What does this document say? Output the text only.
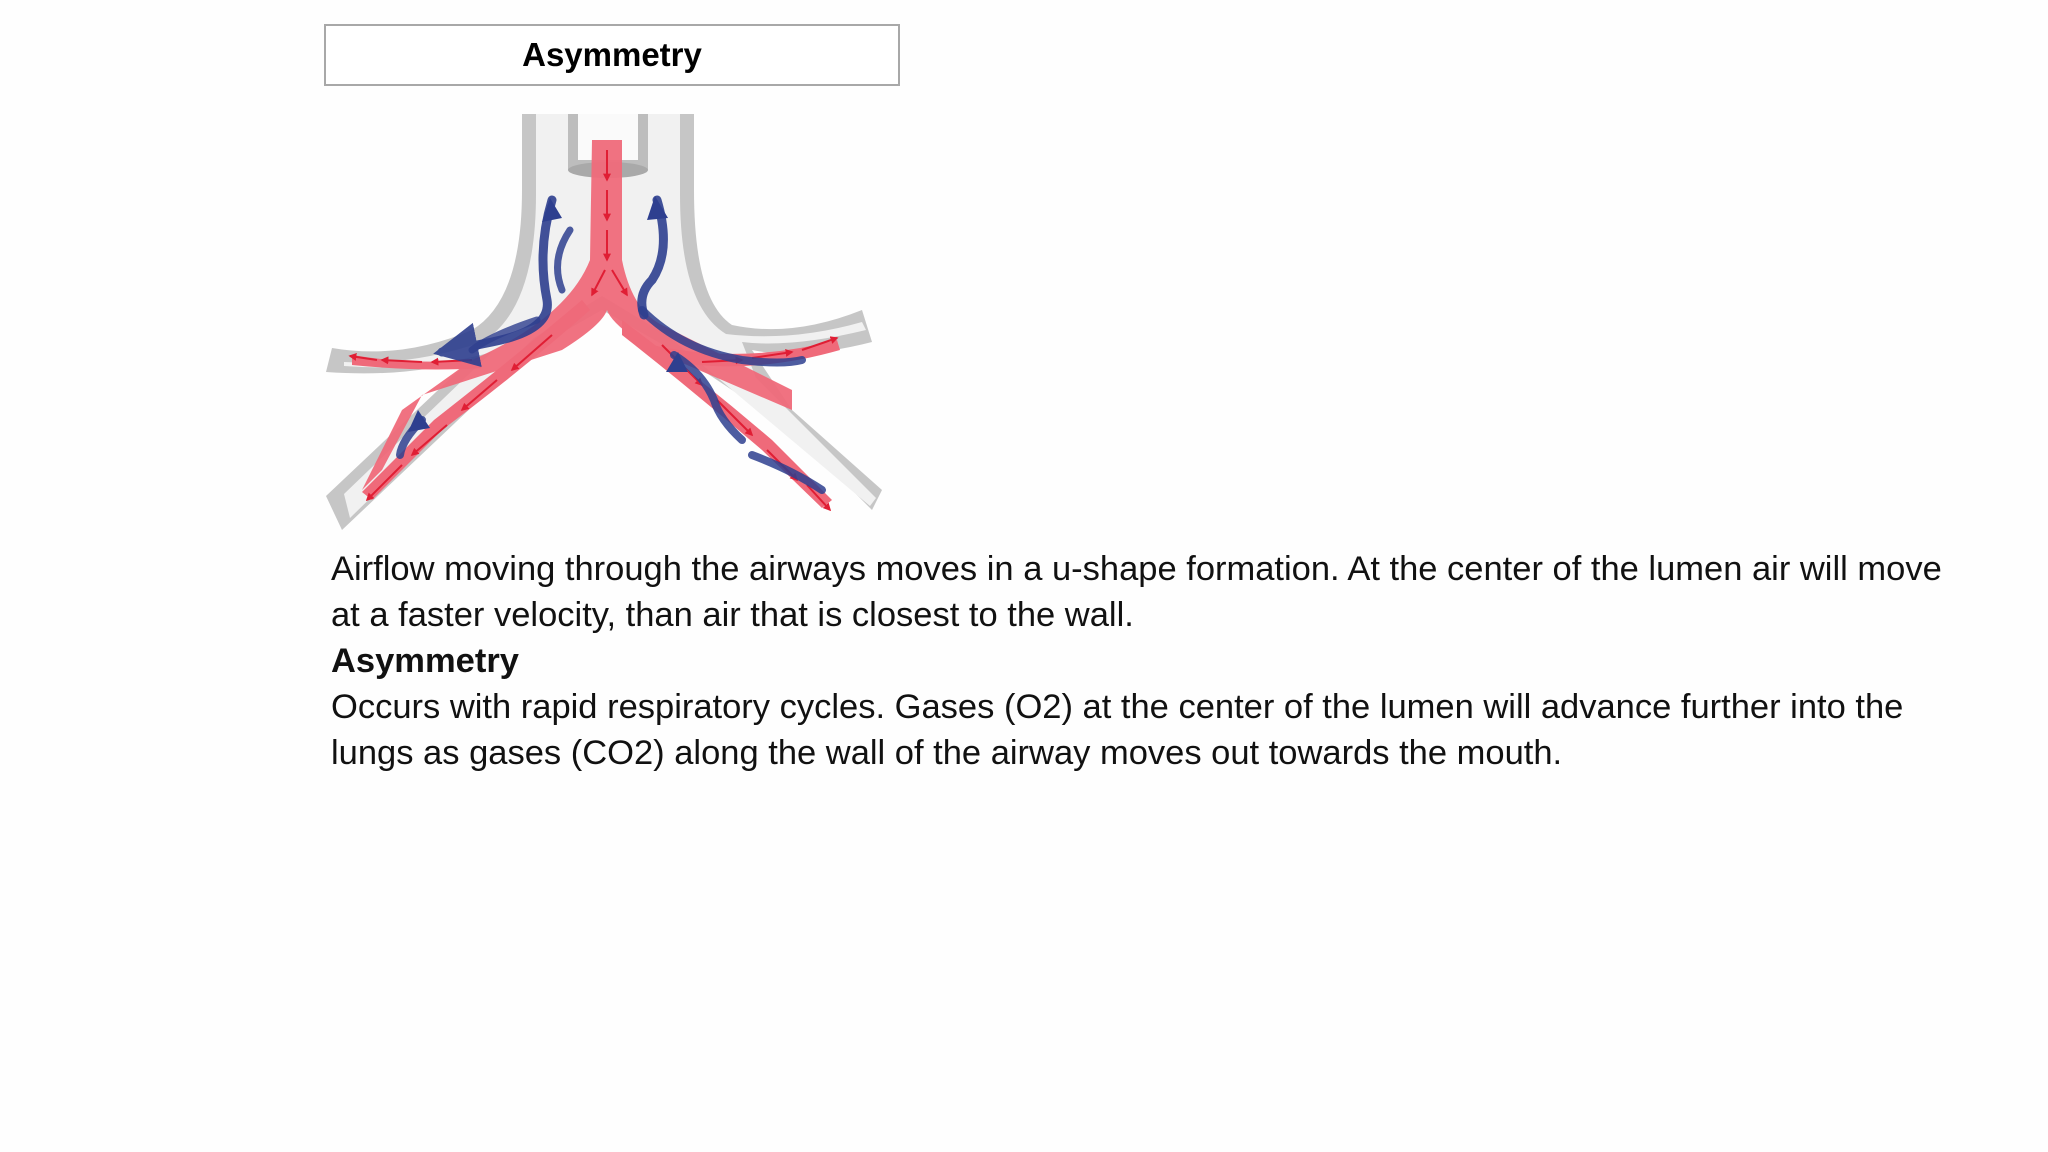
Asymmetry

Airflow moving through the airways moves in a u-shape formation. At the center of the lumen air will move at a faster velocity, than air that is closest to the wall.

Asymmetry

Occurs with rapid respiratory cycles. Gases (O2) at the center of the lumen will advance further into the lungs as gases (CO2) along the wall of the airway moves out towards the mouth.
